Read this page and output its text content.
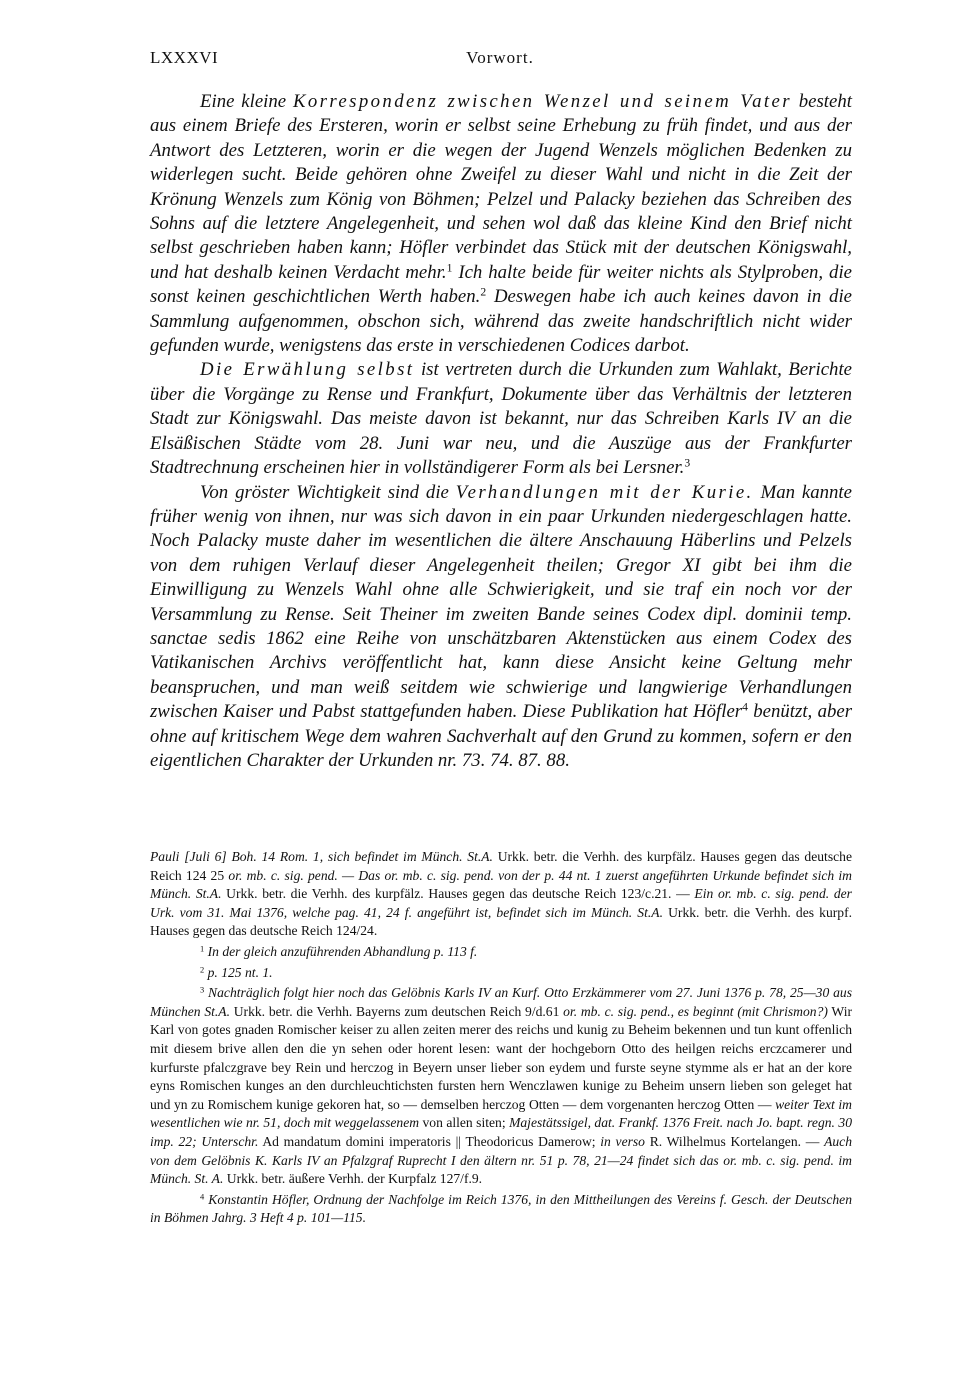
LXXXVI	Vorwort.

Eine kleine Korrespondenz zwischen Wenzel und seinem Vater besteht aus einem Briefe des Ersteren, worin er selbst seine Erhebung zu früh findet, und aus der Antwort des Letzteren, worin er die wegen der Jugend Wenzels möglichen Bedenken zu widerlegen sucht. Beide gehören ohne Zweifel zu dieser Wahl und nicht in die Zeit der Krönung Wenzels zum König von Böhmen; Pelzel und Palacky beziehen das Schreiben des Sohns auf die letztere Angelegenheit, und sehen wol daß das kleine Kind den Brief nicht selbst geschrieben haben kann; Höfler verbindet das Stück mit der deutschen Königswahl, und hat deshalb keinen Verdacht mehr.$^1$ Ich halte beide für weiter nichts als Stylproben, die sonst keinen geschichtlichen Werth haben.$^2$ Deswegen habe ich auch keines davon in die Sammlung aufgenommen, obschon sich, während das zweite handschriftlich nicht wider gefunden wurde, wenigstens das erste in verschiedenen Codices darbot.

Die Erwählung selbst ist vertreten durch die Urkunden zum Wahlakt, Berichte über die Vorgänge zu Rense und Frankfurt, Dokumente über das Verhältnis der letzteren Stadt zur Königswahl. Das meiste davon ist bekannt, nur das Schreiben Karls IV an die Elsäßischen Städte vom 28. Juni war neu, und die Auszüge aus der Frankfurter Stadtrechnung erscheinen hier in vollständigerer Form als bei Lersner.$^3$

Von gröster Wichtigkeit sind die Verhandlungen mit der Kurie. Man kannte früher wenig von ihnen, nur was sich davon in ein paar Urkunden niedergeschlagen hatte. Noch Palacky muste daher im wesentlichen die ältere Anschauung Häberlins und Pelzels von dem ruhigen Verlauf dieser Angelegenheit theilen; Gregor XI gibt bei ihm die Einwilligung zu Wenzels Wahl ohne alle Schwierigkeit, und sie traf ein noch vor der Versammlung zu Rense. Seit Theiner im zweiten Bande seines Codex dipl. dominii temp. sanctae sedis 1862 eine Reihe von unschätzbaren Aktenstücken aus einem Codex des Vatikanischen Archivs veröffentlicht hat, kann diese Ansicht keine Geltung mehr beanspruchen, und man weiß seitdem wie schwierige und langwierige Verhandlungen zwischen Kaiser und Pabst stattgefunden haben. Diese Publikation hat Höfler$^4$ benützt, aber ohne auf kritischem Wege dem wahren Sachverhalt auf den Grund zu kommen, sofern er den eigentlichen Charakter der Urkunden nr. 73. 74. 87. 88.

Pauli [Juli 6] Boh. 14 Rom. 1, sich befindet im Münch. St.A. Urkk. betr. die Verhh. des kurpfälz. Hauses gegen das deutsche Reich 124 25 or. mb. c. sig. pend. — Das or. mb. c. sig. pend. von der p. 44 nt. 1 zuerst angeführten Urkunde befindet sich im Münch. St.A. Urkk. betr. die Verhh. des kurpfälz. Hauses gegen das deutsche Reich 123/c.21. — Ein or. mb. c. sig. pend. der Urk. vom 31. Mai 1376, welche pag. 41, 24 f. angeführt ist, befindet sich im Münch. St.A. Urkk. betr. die Verhh. des kurpf. Hauses gegen das deutsche Reich 124/24.

$^1$ In der gleich anzuführenden Abhandlung p. 113 f.

$^2$ p. 125 nt. 1.

$^3$ Nachträglich folgt hier noch das Gelöbnis Karls IV an Kurf. Otto Erzkämmerer vom 27. Juni 1376 p. 78, 25—30 aus München St.A. Urkk. betr. die Verhh. Bayerns zum deutschen Reich 9/d.61 or. mb. c. sig. pend., es beginnt (mit Chrismon?) Wir Karl von gotes gnaden Romischer keiser zu allen zeiten merer des reichs und kunig zu Beheim bekennen und tun kunt offenlich mit diesem brive allen den die yn sehen oder horent lesen: want der hochgeborn Otto des heilgen reichs erczcamerer und kurfurste pfalczgrave bey Rein und herczog in Beyern unser lieber son eydem und furste seyne stymme als er hat an der kore eyns Romischen kunges an den durchleuchtichsten fursten hern Wenczlawen kunige zu Beheim unsern lieben son geleget hat und yn zu Romischem kunige gekoren hat, so — demselben herczog Otten — dem vorgenanten herczog Otten — weiter Text im wesentlichen wie nr. 51, doch mit weggelassenem von allen siten; Majestätssigel, dat. Frankf. 1376 Freit. nach Jo. bapt. regn. 30 imp. 22; Unterschr. Ad mandatum domini imperatoris || Theodoricus Damerow; in verso R. Wilhelmus Kortelangen. — Auch von dem Gelöbnis K. Karls IV an Pfalzgraf Ruprecht I den ältern nr. 51 p. 78, 21—24 findet sich das or. mb. c. sig. pend. im Münch. St. A. Urkk. betr. äußere Verhh. der Kurpfalz 127/f.9.

$^4$ Konstantin Höfler, Ordnung der Nachfolge im Reich 1376, in den Mittheilungen des Vereins f. Gesch. der Deutschen in Böhmen Jahrg. 3 Heft 4 p. 101—115.
